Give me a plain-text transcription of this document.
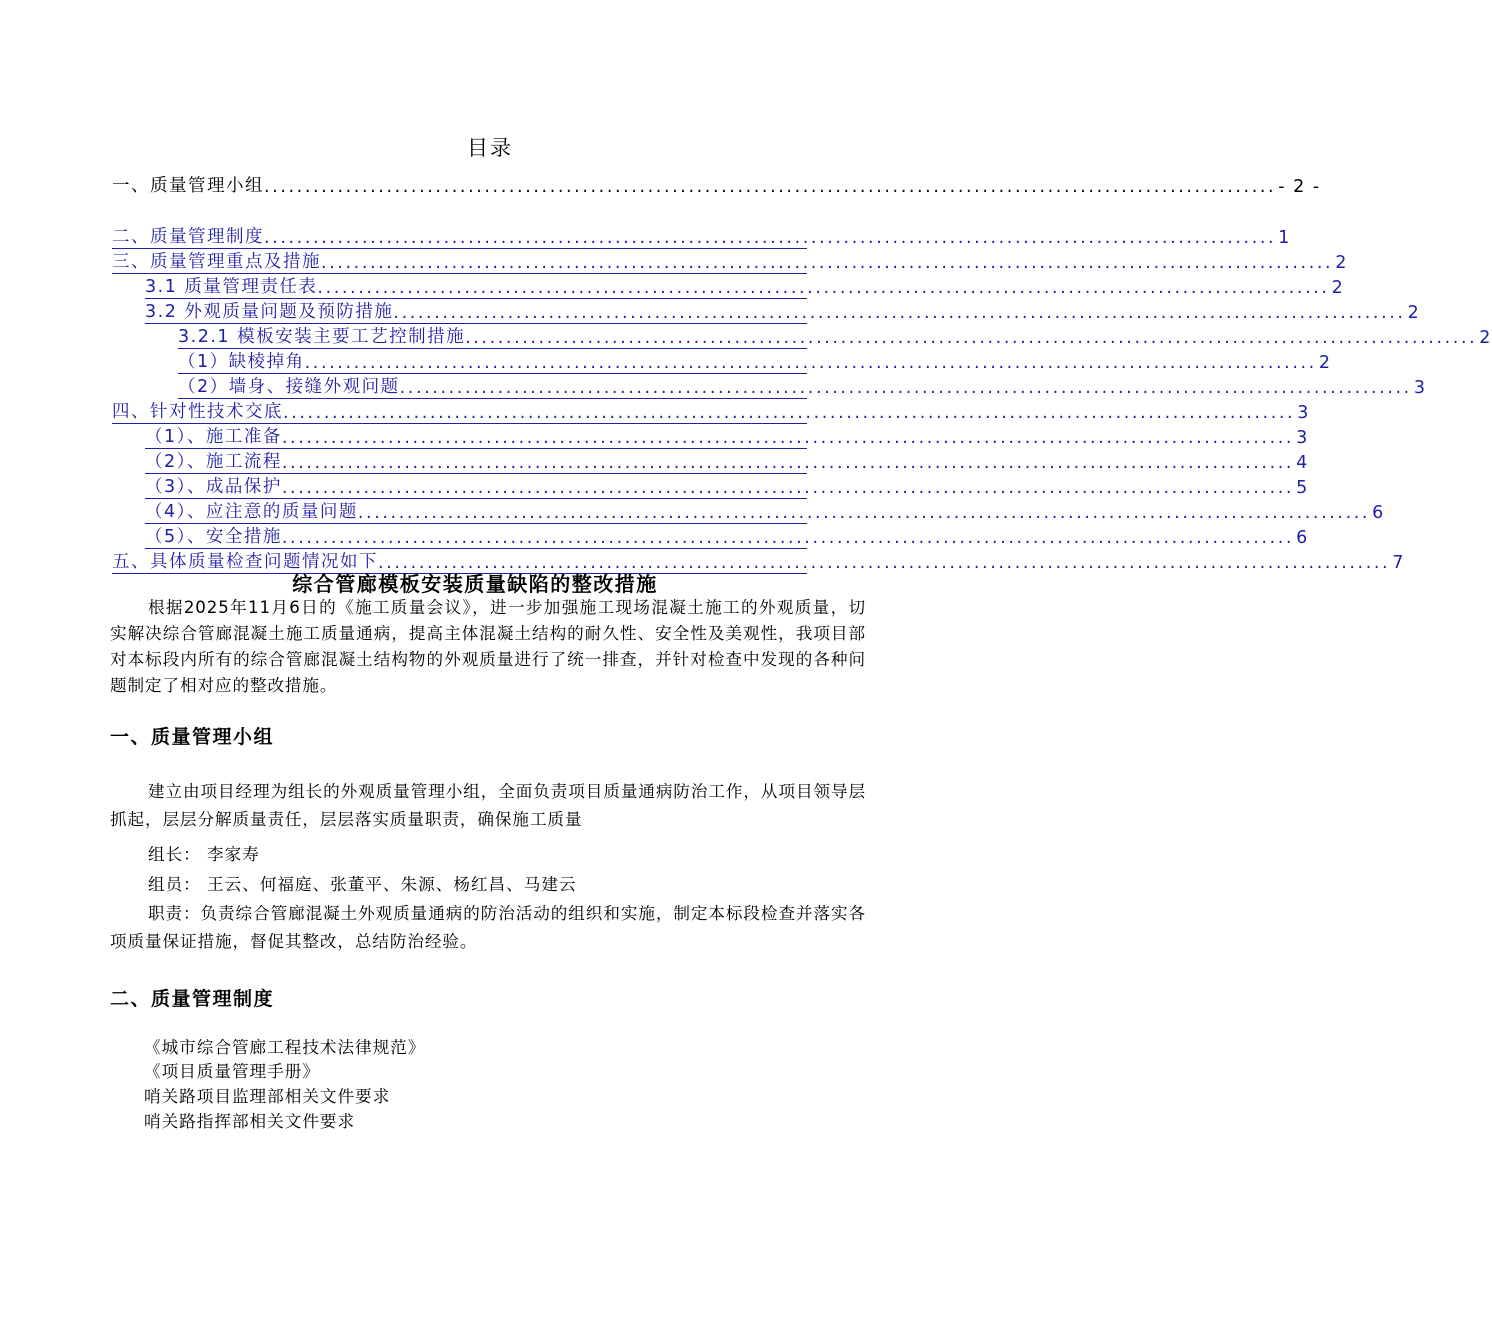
目录
一、质量管理小组 ............................................................................................................................ - 2 -
二、质量管理制度 ............................................................................................................................ 1
三、质量管理重点及措施 ............................................................................................................................ 2
3.1 质量管理责任表 ............................................................................................................................ 2
3.2 外观质量问题及预防措施 ............................................................................................................................ 2
3.2.1 模板安装主要工艺控制措施 ............................................................................................................................ 2
（1）缺棱掉角 ............................................................................................................................ 2
（2）墙身、接缝外观问题 ............................................................................................................................ 3
四、针对性技术交底 ............................................................................................................................ 3
（1）、施工准备 ............................................................................................................................ 3
（2）、施工流程 ............................................................................................................................ 4
（3）、成品保护 ............................................................................................................................ 5
（4）、应注意的质量问题 ............................................................................................................................ 6
（5）、安全措施 ............................................................................................................................ 6
五、具体质量检查问题情况如下 ............................................................................................................................ 7
综合管廊模板安装质量缺陷的整改措施
根据2025年11月6日的《施工质量会议》，进一步加强施工现场混凝土施工的外观质量，切实解决综合管廊混凝土施工质量通病，提高主体混凝土结构的耐久性、安全性及美观性，我项目部对本标段内所有的综合管廊混凝土结构物的外观质量进行了统一排查，并针对检查中发现的各种问题制定了相对应的整改措施。
一、质量管理小组
建立由项目经理为组长的外观质量管理小组，全面负责项目质量通病防治工作，从项目领导层抓起，层层分解质量责任，层层落实质量职责，确保施工质量
组长： 李家寿
组员： 王云、何福庭、张董平、朱源、杨红昌、马建云
职责：负责综合管廊混凝土外观质量通病的防治活动的组织和实施，制定本标段检查并落实各项质量保证措施，督促其整改，总结防治经验。
二、质量管理制度
《城市综合管廊工程技术法律规范》
《项目质量管理手册》
哨关路项目监理部相关文件要求
哨关路指挥部相关文件要求
